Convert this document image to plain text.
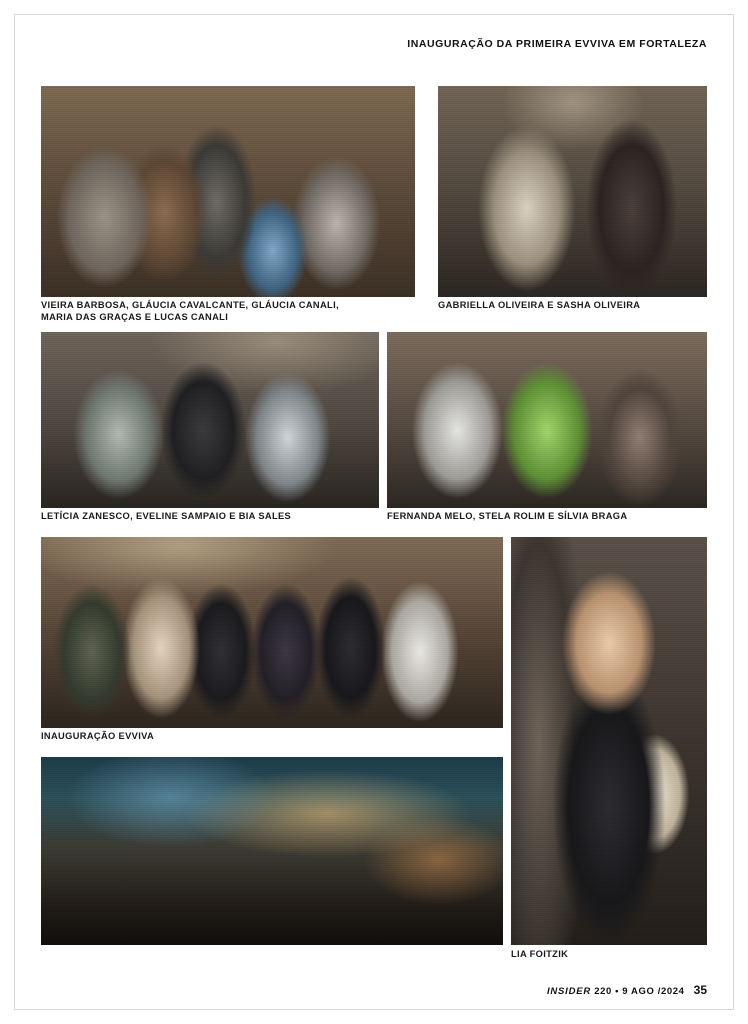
INAUGURAÇÃO DA PRIMEIRA EVVIVA EM FORTALEZA
VIEIRA BARBOSA, GLÁUCIA CAVALCANTE, GLÁUCIA CANALI,
MARIA DAS GRAÇAS E LUCAS CANALI
GABRIELLA OLIVEIRA E SASHA OLIVEIRA
LETÍCIA ZANESCO, EVELINE SAMPAIO E BIA SALES	FERNANDA MELO, STELA ROLIM E SÍLVIA BRAGA
INAUGURAÇÃO EVVIVA
LIA FOITZIK
INSIDER 220 • 9 AGO /2024 35
